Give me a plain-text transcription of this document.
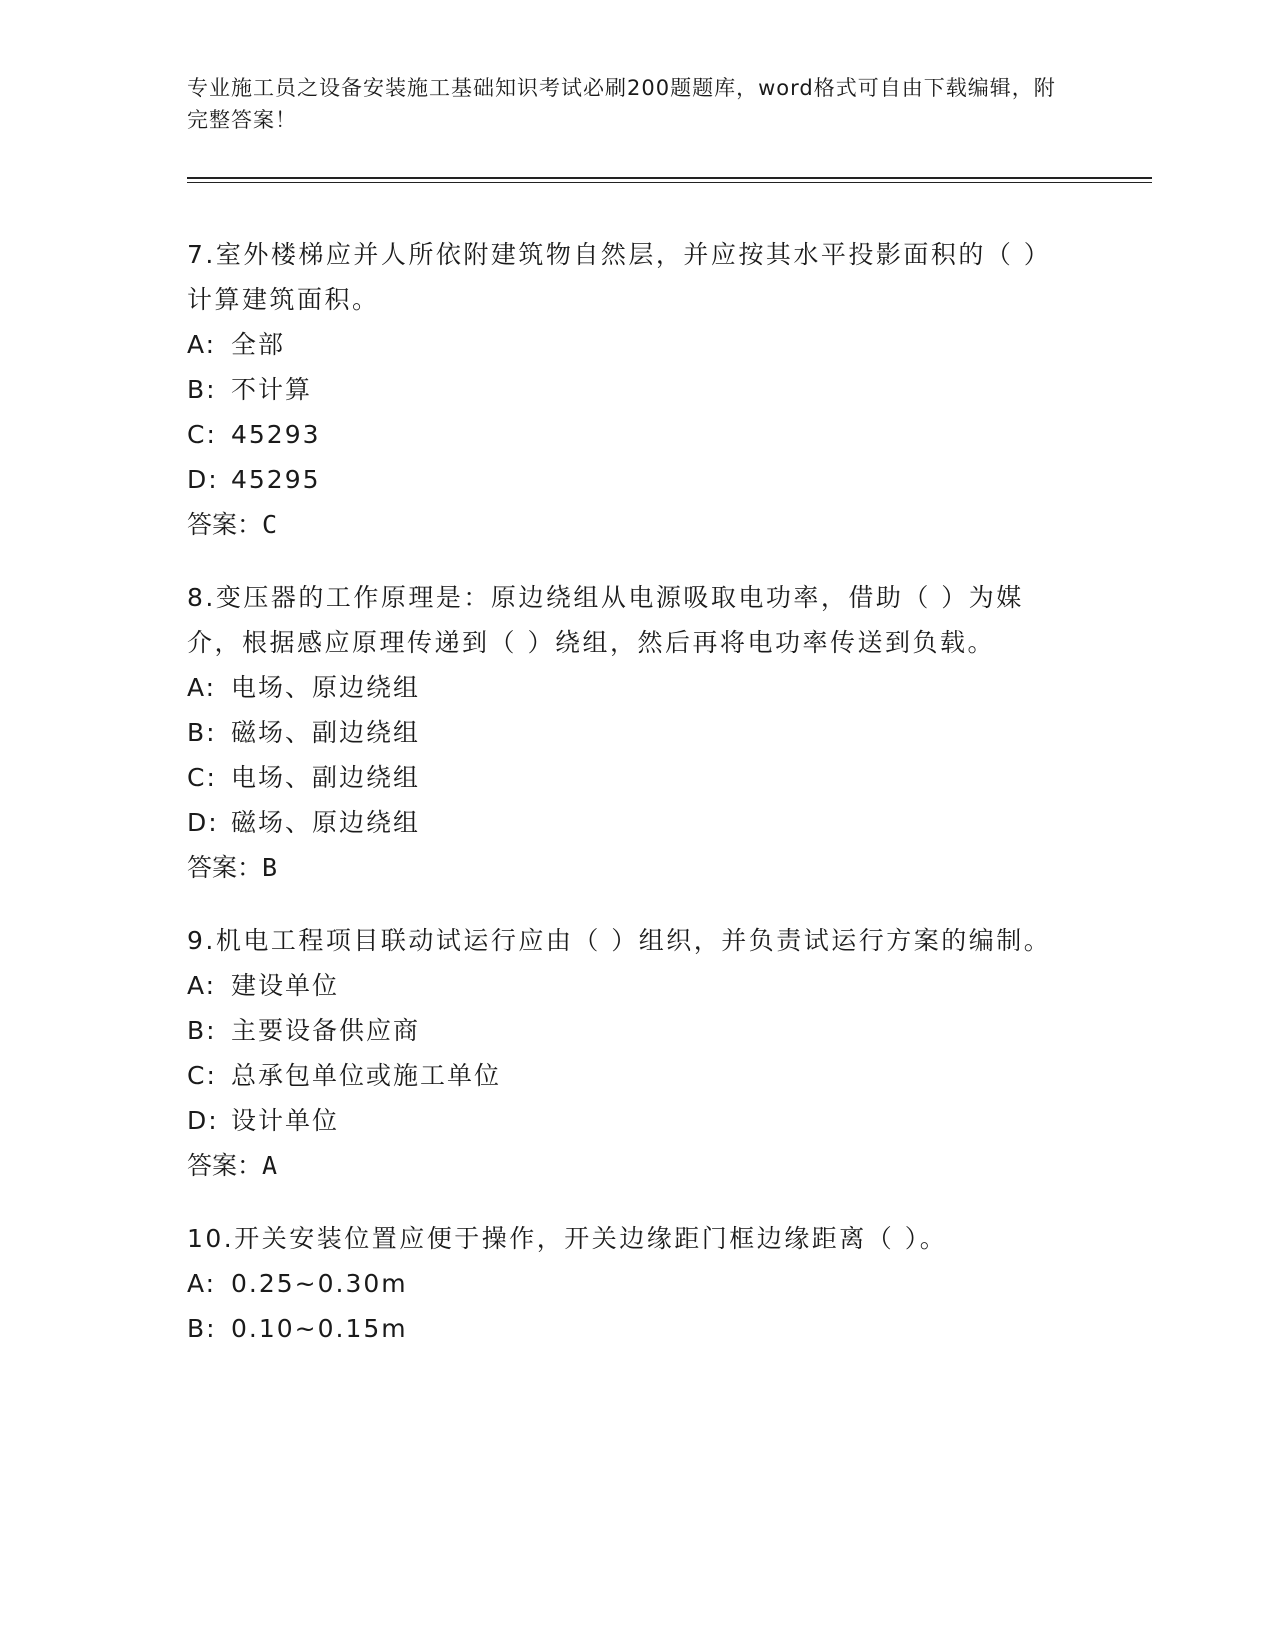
专业施工员之设备安装施工基础知识考试必刷200题题库，word格式可自由下载编辑，附完整答案！
7.室外楼梯应并人所依附建筑物自然层，并应按其水平投影面积的（ ）计算建筑面积。
A: 全部
B: 不计算
C: 45293
D: 45295
答案：C
8.变压器的工作原理是：原边绕组从电源吸取电功率，借助（ ）为媒介，根据感应原理传递到（ ）绕组，然后再将电功率传送到负载。
A: 电场、原边绕组
B: 磁场、副边绕组
C: 电场、副边绕组
D: 磁场、原边绕组
答案：B
9.机电工程项目联动试运行应由（ ）组织，并负责试运行方案的编制。
A: 建设单位
B: 主要设备供应商
C: 总承包单位或施工单位
D: 设计单位
答案：A
10.开关安装位置应便于操作，开关边缘距门框边缘距离（ ）。
A: 0.25~0.30m
B: 0.10~0.15m
